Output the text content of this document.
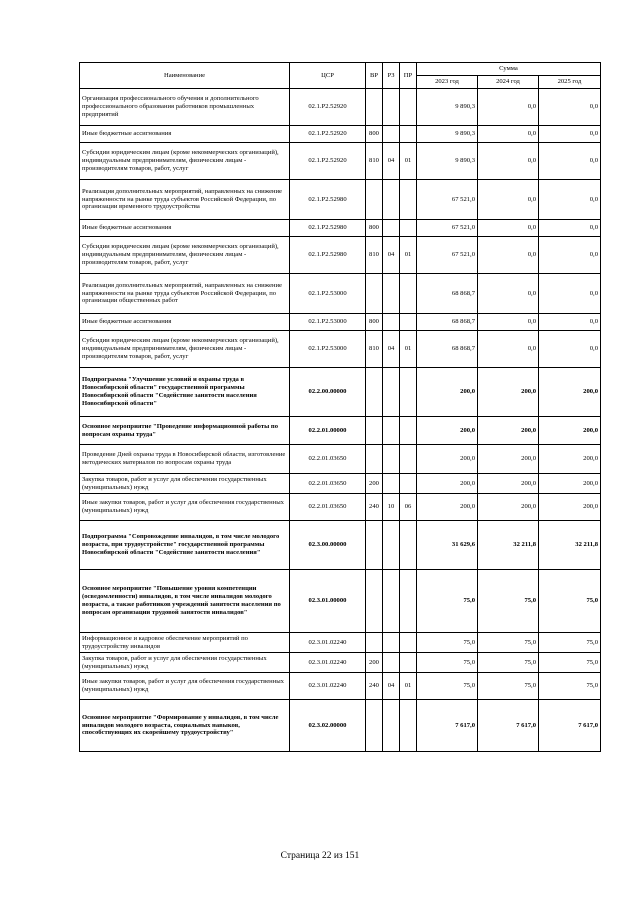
Наименование	ЦСР	ВР	РЗ	ПР	Сумма		
					2023 год	2024 год	2025 год
Организация профессионального обучения и дополнительного профессионального образования работников промышленных предприятий	02.1.P2.52920				9 890,3	0,0	0,0
Иные бюджетные ассигнования	02.1.P2.52920	800			9 890,3	0,0	0,0
Субсидии юридическим лицам (кроме некоммерческих организаций), индивидуальным предпринимателям, физическим лицам - производителям товаров, работ, услуг	02.1.P2.52920	810	04	01	9 890,3	0,0	0,0
Реализация дополнительных мероприятий, направленных на снижение напряженности на рынке труда субъектов Российской Федерации, по организации временного трудоустройства	02.1.P2.52980				67 521,0	0,0	0,0
Иные бюджетные ассигнования	02.1.P2.52980	800			67 521,0	0,0	0,0
Субсидии юридическим лицам (кроме некоммерческих организаций), индивидуальным предпринимателям, физическим лицам - производителям товаров, работ, услуг	02.1.P2.52980	810	04	01	67 521,0	0,0	0,0
Реализация дополнительных мероприятий, направленных на снижение напряженности на рынке труда субъектов Российской Федерации, по организации общественных работ	02.1.P2.53000				68 868,7	0,0	0,0
Иные бюджетные ассигнования	02.1.P2.53000	800			68 868,7	0,0	0,0
Субсидии юридическим лицам (кроме некоммерческих организаций), индивидуальным предпринимателям, физическим лицам - производителям товаров, работ, услуг	02.1.P2.53000	810	04	01	68 868,7	0,0	0,0
Подпрограмма "Улучшение условий и охраны труда в Новосибирской области" государственной программы Новосибирской области "Содействие занятости населения Новосибирской области"	02.2.00.00000				200,0	200,0	200,0
Основное мероприятие "Проведение информационной работы по вопросам охраны труда"	02.2.01.00000				200,0	200,0	200,0
Проведение Дней охраны труда в Новосибирской области, изготовление методических материалов по вопросам охраны труда	02.2.01.03650				200,0	200,0	200,0
Закупка товаров, работ и услуг для обеспечения государственных (муниципальных) нужд	02.2.01.03650	200			200,0	200,0	200,0
Иные закупки товаров, работ и услуг для обеспечения государственных (муниципальных) нужд	02.2.01.03650	240	10	06	200,0	200,0	200,0
Подпрограмма "Сопровождение инвалидов, в том числе молодого возраста, при трудоустройстве" государственной программы Новосибирской области "Содействие занятости населения"	02.3.00.00000				31 629,6	32 211,8	32 211,8
Основное мероприятие "Повышение уровня компетенции (осведомленности) инвалидов, в том числе инвалидов молодого возраста, а также работников учреждений занятости населения по вопросам организации трудовой занятости инвалидов"	02.3.01.00000				75,0	75,0	75,0
Информационное и кадровое обеспечение мероприятий по трудоустройству инвалидов	02.3.01.02240				75,0	75,0	75,0
Закупка товаров, работ и услуг для обеспечения государственных (муниципальных) нужд	02.3.01.02240	200			75,0	75,0	75,0
Иные закупки товаров, работ и услуг для обеспечения государственных (муниципальных) нужд	02.3.01.02240	240	04	01	75,0	75,0	75,0
Основное мероприятие "Формирование у инвалидов, в том числе инвалидов молодого возраста, социальных навыков, способствующих их скорейшему трудоустройству"	02.3.02.00000				7 617,0	7 617,0	7 617,0
Страница 22 из 151
